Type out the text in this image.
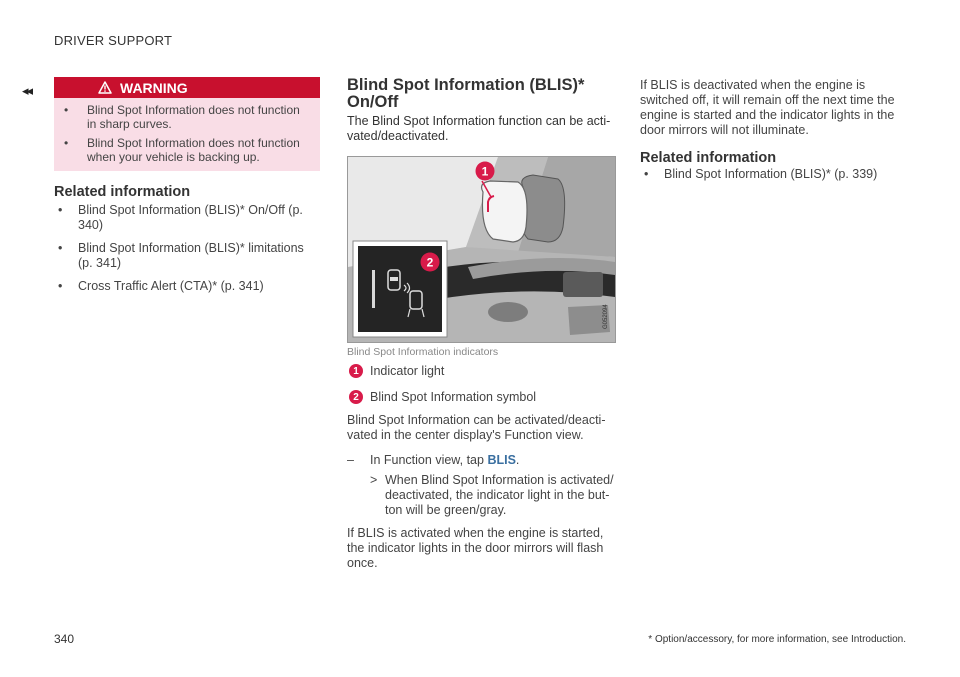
DRIVER SUPPORT
◂◂	WARNING
• Blind Spot Information does not function in sharp curves.
• Blind Spot Information does not function when your vehicle is backing up.
Related information
• Blind Spot Information (BLIS)* On/Off (p. 340)
• Blind Spot Information (BLIS)* limitations (p. 341)
• Cross Traffic Alert (CTA)* (p. 341)
Blind Spot Information (BLIS)* On/Off
The Blind Spot Information function can be acti-vated/deactivated.
1
2
G052094
Blind Spot Information indicators
1 Indicator light
2 Blind Spot Information symbol
Blind Spot Information can be activated/deacti-vated in the center display's Function view.
– In Function view, tap BLIS.
> When Blind Spot Information is activated/ deactivated, the indicator light in the but-ton will be green/gray.
If BLIS is activated when the engine is started, the indicator lights in the door mirrors will flash once.
If BLIS is deactivated when the engine is switched off, it will remain off the next time the engine is started and the indicator lights in the door mirrors will not illuminate.
Related information
• Blind Spot Information (BLIS)* (p. 339)
340	* Option/accessory, for more information, see Introduction.
